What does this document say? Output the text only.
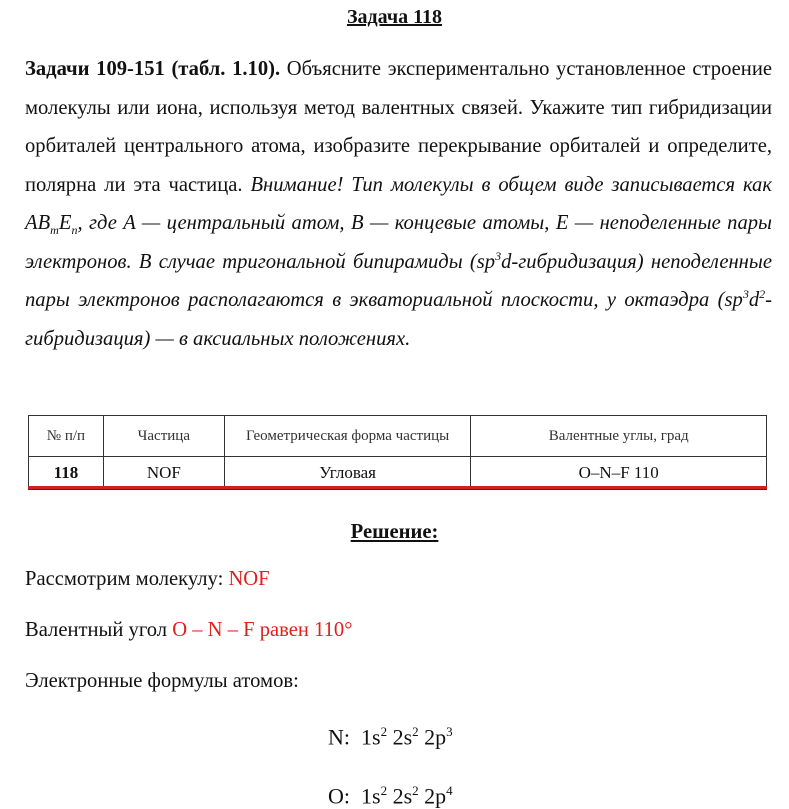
Задача 118
Задачи 109-151 (табл. 1.10). Объясните экспериментально установленное строение молекулы или иона, используя метод валентных связей. Укажите тип гибридизации орбиталей центрального атома, изобразите перекрывание орбиталей и определите, полярна ли эта частица. Внимание! Тип молекулы в общем виде записывается как $AB_mE_n$, где A — центральный атом, B — концевые атомы, E — неподеленные пары электронов. В случае тригональной бипирамиды $(sp^3d-гибридизация)$ неподеленные пары электронов располагаются в экваториальной плоскости, у октаэдра $(sp^3d^2-гибридизация)$ — в аксиальных положениях.
№ п/п	Частица	Геометрическая форма частицы	Валентные углы, град
118	NOF	Угловая	O–N–F 110
Решение:
Рассмотрим молекулу: NOF
Валентный угол O – N – F равен 110°
Электронные формулы атомов:
N: $1s^2$ $2s^2$ $2p^3$
O: $1s^2$ $2s^2$ $2p^4$
